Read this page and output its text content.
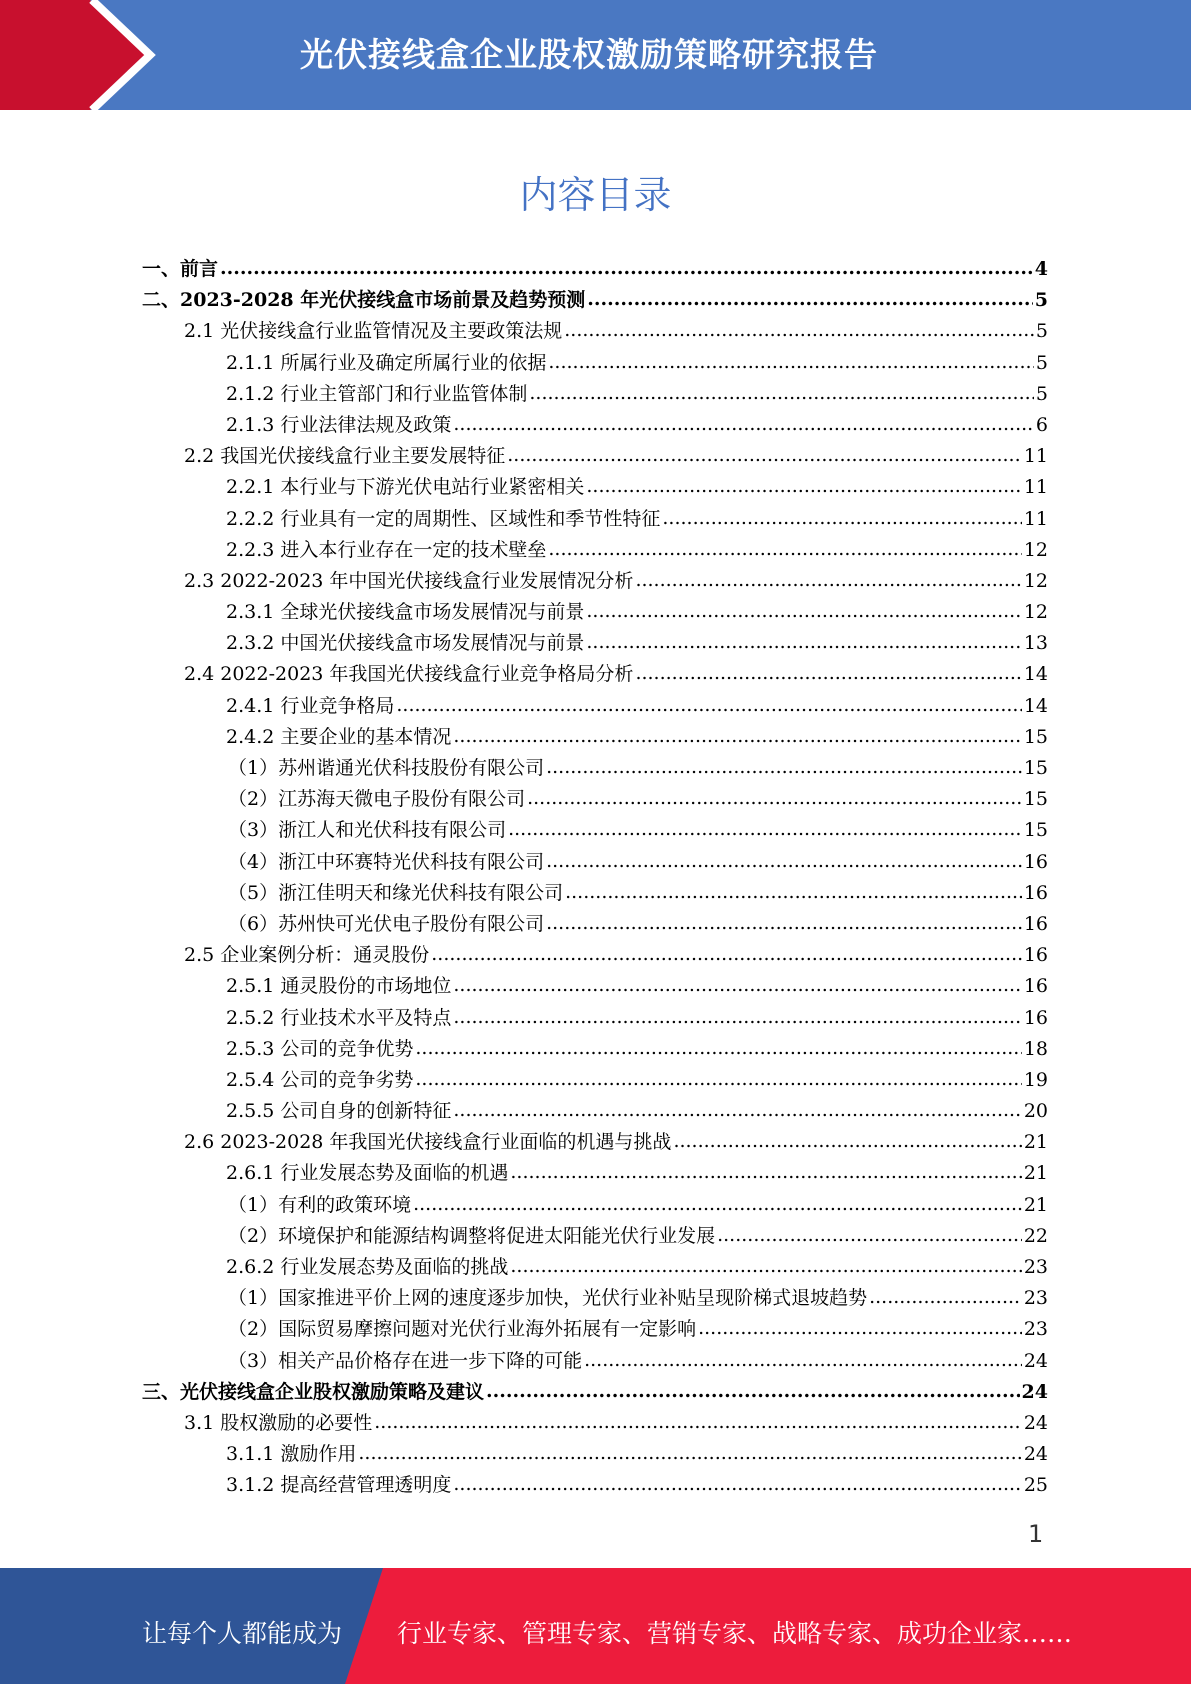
光伏接线盒企业股权激励策略研究报告
内容目录
一、前言 .....	4
二、2023-2028 年光伏接线盒市场前景及趋势预测 .....	5
2.1 光伏接线盒行业监管情况及主要政策法规 .....	5
2.1.1 所属行业及确定所属行业的依据 .....	5
2.1.2 行业主管部门和行业监管体制 .....	5
2.1.3 行业法律法规及政策 .....	6
2.2 我国光伏接线盒行业主要发展特征 .....	11
2.2.1 本行业与下游光伏电站行业紧密相关 .....	11
2.2.2 行业具有一定的周期性、区域性和季节性特征 .....	11
2.2.3 进入本行业存在一定的技术壁垒 .....	12
2.3 2022-2023 年中国光伏接线盒行业发展情况分析 .....	12
2.3.1 全球光伏接线盒市场发展情况与前景 .....	12
2.3.2 中国光伏接线盒市场发展情况与前景 .....	13
2.4 2022-2023 年我国光伏接线盒行业竞争格局分析 .....	14
2.4.1 行业竞争格局 .....	14
2.4.2 主要企业的基本情况 .....	15
（1）苏州谐通光伏科技股份有限公司 .....	15
（2）江苏海天微电子股份有限公司 .....	15
（3）浙江人和光伏科技有限公司 .....	15
（4）浙江中环赛特光伏科技有限公司 .....	16
（5）浙江佳明天和缘光伏科技有限公司 .....	16
（6）苏州快可光伏电子股份有限公司 .....	16
2.5 企业案例分析：通灵股份 .....	16
2.5.1 通灵股份的市场地位 .....	16
2.5.2 行业技术水平及特点 .....	16
2.5.3 公司的竞争优势 .....	18
2.5.4 公司的竞争劣势 .....	19
2.5.5 公司自身的创新特征 .....	20
2.6 2023-2028 年我国光伏接线盒行业面临的机遇与挑战 .....	21
2.6.1 行业发展态势及面临的机遇 .....	21
（1）有利的政策环境 .....	21
（2）环境保护和能源结构调整将促进太阳能光伏行业发展 .....	22
2.6.2 行业发展态势及面临的挑战 .....	23
（1）国家推进平价上网的速度逐步加快，光伏行业补贴呈现阶梯式退坡趋势 .....	23
（2）国际贸易摩擦问题对光伏行业海外拓展有一定影响 .....	23
（3）相关产品价格存在进一步下降的可能 .....	24
三、光伏接线盒企业股权激励策略及建议 .....	24
3.1 股权激励的必要性 .....	24
3.1.1 激励作用 .....	24
3.1.2 提高经营管理透明度 .....	25
1
让每个人都能成为 行业专家、管理专家、营销专家、战略专家、成功企业家……
